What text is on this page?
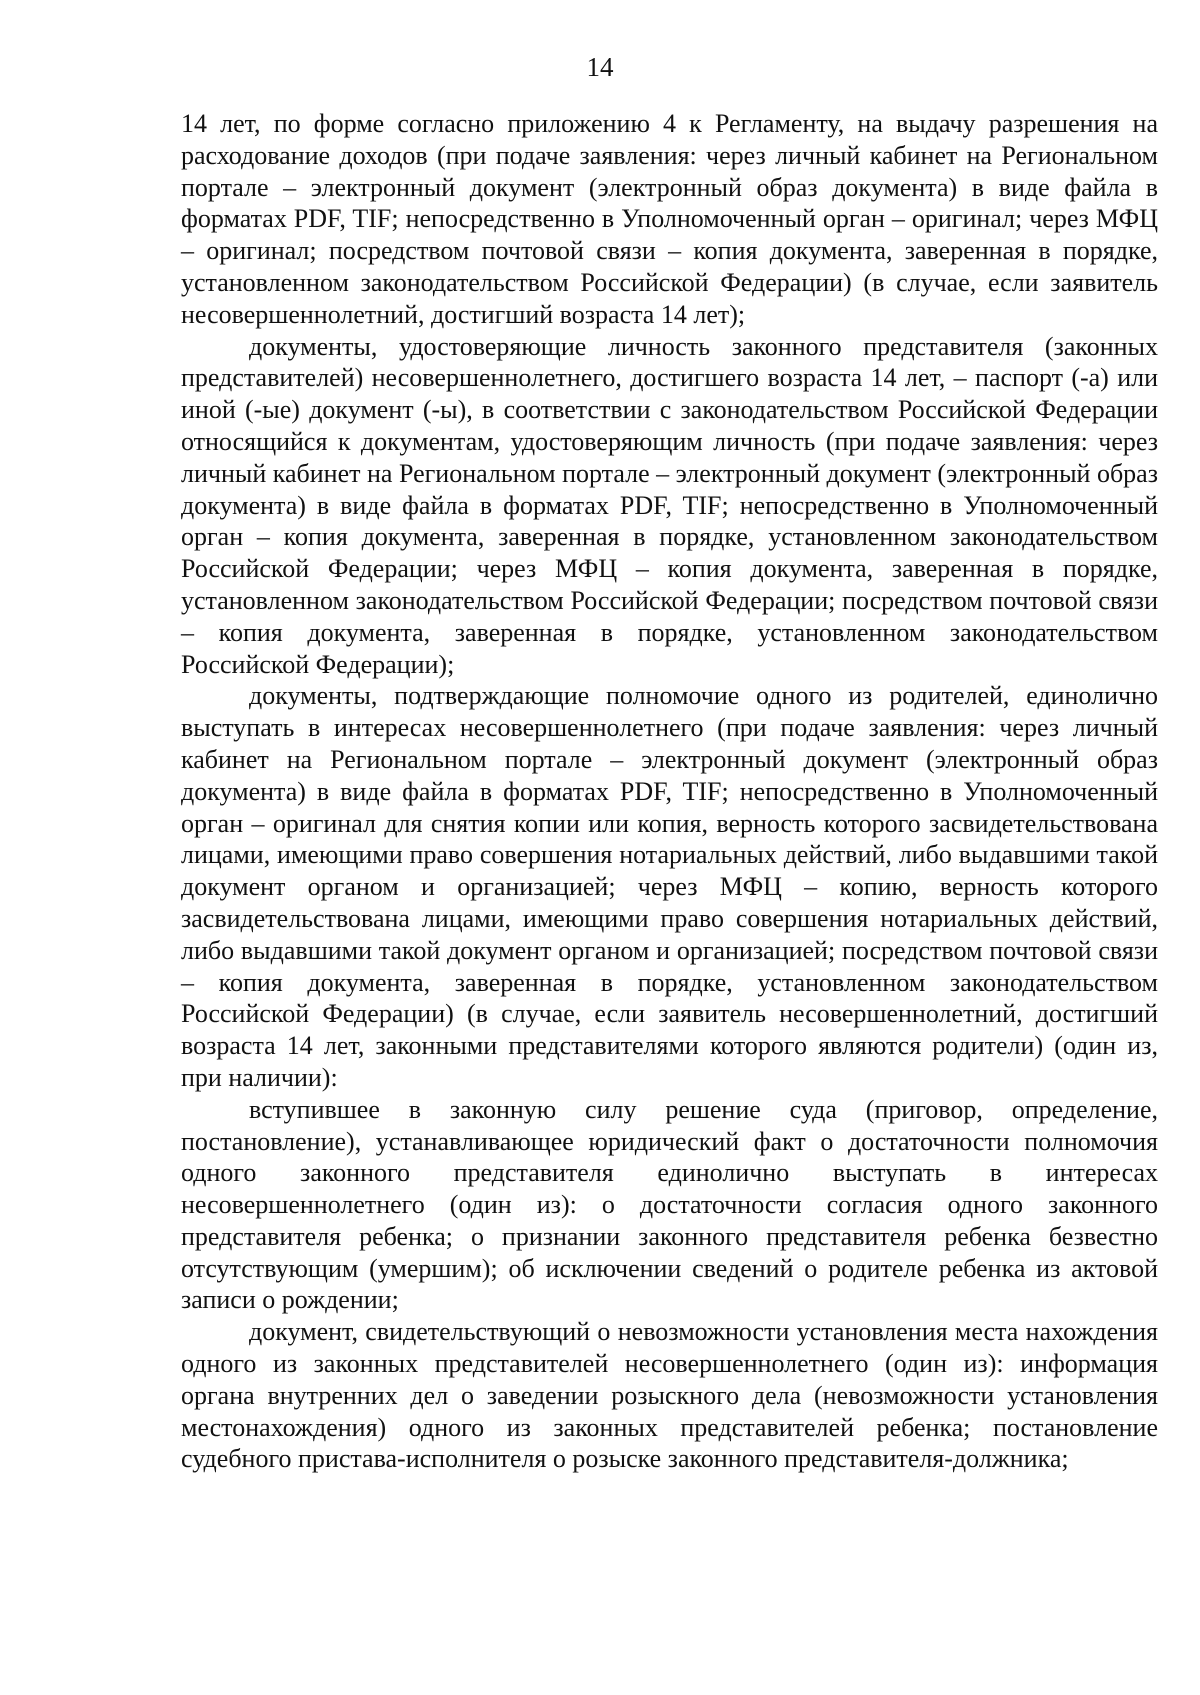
14

14 лет, по форме согласно приложению 4 к Регламенту, на выдачу разрешения на расходование доходов (при подаче заявления: через личный кабинет на Региональном портале – электронный документ (электронный образ документа) в виде файла в форматах PDF, TIF; непосредственно в Уполномоченный орган – оригинал; через МФЦ – оригинал; посредством почтовой связи – копия документа, заверенная в порядке, установленном законодательством Российской Федерации) (в случае, если заявитель несовершеннолетний, достигший возраста 14 лет);

документы, удостоверяющие личность законного представителя (законных представителей) несовершеннолетнего, достигшего возраста 14 лет, – паспорт (-а) или иной (-ые) документ (-ы), в соответствии с законодательством Российской Федерации относящийся к документам, удостоверяющим личность (при подаче заявления: через личный кабинет на Региональном портале – электронный документ (электронный образ документа) в виде файла в форматах PDF, TIF; непосредственно в Уполномоченный орган – копия документа, заверенная в порядке, установленном законодательством Российской Федерации; через МФЦ – копия документа, заверенная в порядке, установленном законодательством Российской Федерации; посредством почтовой связи – копия документа, заверенная в порядке, установленном законодательством Российской Федерации);

документы, подтверждающие полномочие одного из родителей, единолично выступать в интересах несовершеннолетнего (при подаче заявления: через личный кабинет на Региональном портале – электронный документ (электронный образ документа) в виде файла в форматах PDF, TIF; непосредственно в Уполномоченный орган – оригинал для снятия копии или копия, верность которого засвидетельствована лицами, имеющими право совершения нотариальных действий, либо выдавшими такой документ органом и организацией; через МФЦ – копию, верность которого засвидетельствована лицами, имеющими право совершения нотариальных действий, либо выдавшими такой документ органом и организацией; посредством почтовой связи – копия документа, заверенная в порядке, установленном законодательством Российской Федерации) (в случае, если заявитель несовершеннолетний, достигший возраста 14 лет, законными представителями которого являются родители) (один из, при наличии):

вступившее в законную силу решение суда (приговор, определение, постановление), устанавливающее юридический факт о достаточности полномочия одного законного представителя единолично выступать в интересах несовершеннолетнего (один из): о достаточности согласия одного законного представителя ребенка; о признании законного представителя ребенка безвестно отсутствующим (умершим); об исключении сведений о родителе ребенка из актовой записи о рождении;

документ, свидетельствующий о невозможности установления места нахождения одного из законных представителей несовершеннолетнего (один из): информация органа внутренних дел о заведении розыскного дела (невозможности установления местонахождения) одного из законных представителей ребенка; постановление судебного пристава-исполнителя о розыске законного представителя-должника;
